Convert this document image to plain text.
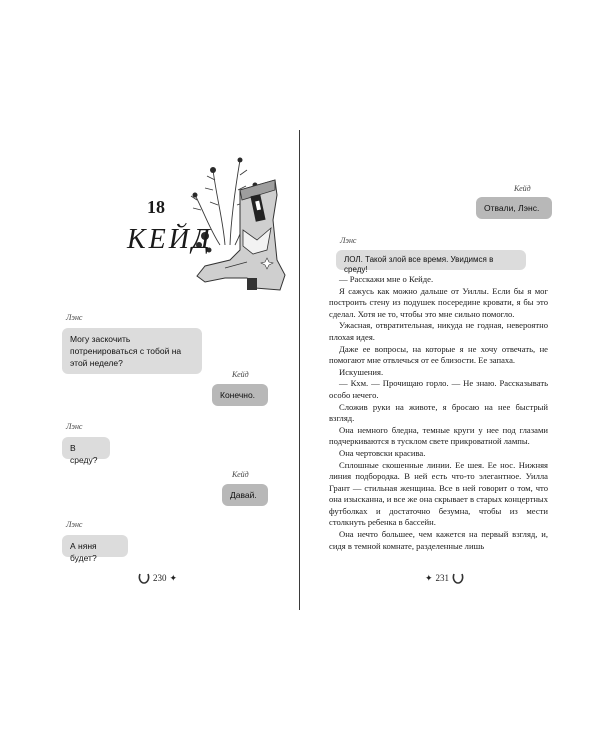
18
КЕЙД
Лэнс
Могу заскочить потренироваться с тобой на этой неделе?
Кейд
Конечно.
Лэнс
В среду?
Кейд
Давай.
Лэнс
А няня будет?
230 ✦
Кейд
Отвали, Лэнс.
Лэнс
ЛОЛ. Такой злой все время. Увидимся в среду!
✦ 231

— Расскажи мне о Кейде.

Я сажусь как можно дальше от Уиллы. Если бы я мог построить стену из подушек посередине кровати, я бы это сделал. Хотя не то, чтобы это мне сильно помогло.

Ужасная, отвратительная, никуда не годная, невероятно плохая идея.

Даже ее вопросы, на которые я не хочу отвечать, не помогают мне отвлечься от ее близости. Ее запаха.

Искушения.

— Кхм. — Прочищаю горло. — Не знаю. Рассказывать особо нечего.

Сложив руки на животе, я бросаю на нее быстрый взгляд.

Она немного бледна, темные круги у нее под глазами подчеркиваются в тусклом свете прикроватной лампы.

Она чертовски красива.

Сплошные скошенные линии. Ее шея. Ее нос. Нижняя линия подбородка. В ней есть что-то элегантное. Уилла Грант — стильная женщина. Все в ней говорит о том, что она изысканна, и все же она скрывает в старых концертных футболках и достаточно безумна, чтобы из мести столкнуть ребенка в бассейн.

Она нечто большее, чем кажется на первый взгляд, и, сидя в темной комнате, разделенные лишь
